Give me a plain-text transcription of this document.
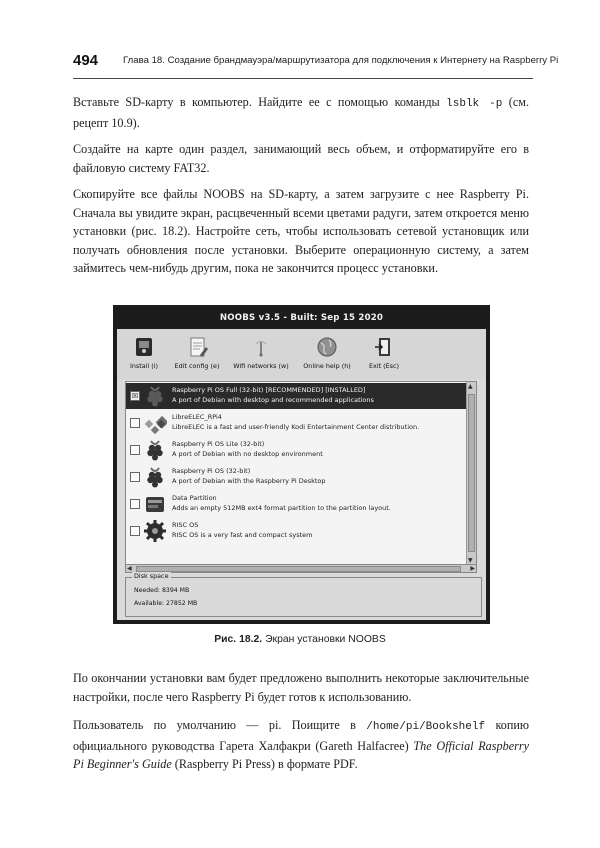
494	Глава 18. Создание брандмауэра/маршрутизатора для подключения к Интернету на Raspberry Pi

Вставьте SD-карту в компьютер. Найдите ее с помощью команды lsblk -p (см. рецепт 10.9).

Создайте на карте один раздел, занимающий весь объем, и отформатируйте его в файловую систему FAT32.

Скопируйте все файлы NOOBS на SD-карту, а затем загрузите с нее Raspberry Pi. Сначала вы увидите экран, расцвеченный всеми цветами радуги, затем откроется меню установки (рис. 18.2). Настройте сеть, чтобы использовать сетевой установщик или получать обновления после установки. Выберите операционную систему, а затем займитесь чем-нибудь другим, пока не закончится процесс установки.

NOOBS v3.5 - Built: Sep 15 2020
Install (i)	Edit config (e)	Wifi networks (w)	Online help (h)	Exit (Esc)
☒
Raspberry Pi OS Full (32-bit) [RECOMMENDED] [INSTALLED]
A port of Debian with desktop and recommended applications
LibreELEC_RPi4
LibreELEC is a fast and user-friendly Kodi Entertainment Center distribution.
Raspberry Pi OS Lite (32-bit)
A port of Debian with no desktop environment
Raspberry Pi OS (32-bit)
A port of Debian with the Raspberry Pi Desktop
Data Partition
Adds an empty 512MB ext4 format partition to the partition layout.
RISC OS
RISC OS is a very fast and compact system
▲
▼
◀	▶
Disk space
Needed: 8394 MB
Available: 27852 MB
Рис. 18.2. Экран установки NOOBS

По окончании установки вам будет предложено выполнить некоторые заключительные настройки, после чего Raspberry Pi будет готов к использованию.

Пользователь по умолчанию — pi. Поищите в /home/pi/Bookshelf копию официального руководства Гарета Халфакри (Gareth Halfacree) The Official Raspberry Pi Beginner's Guide (Raspberry Pi Press) в формате PDF.
